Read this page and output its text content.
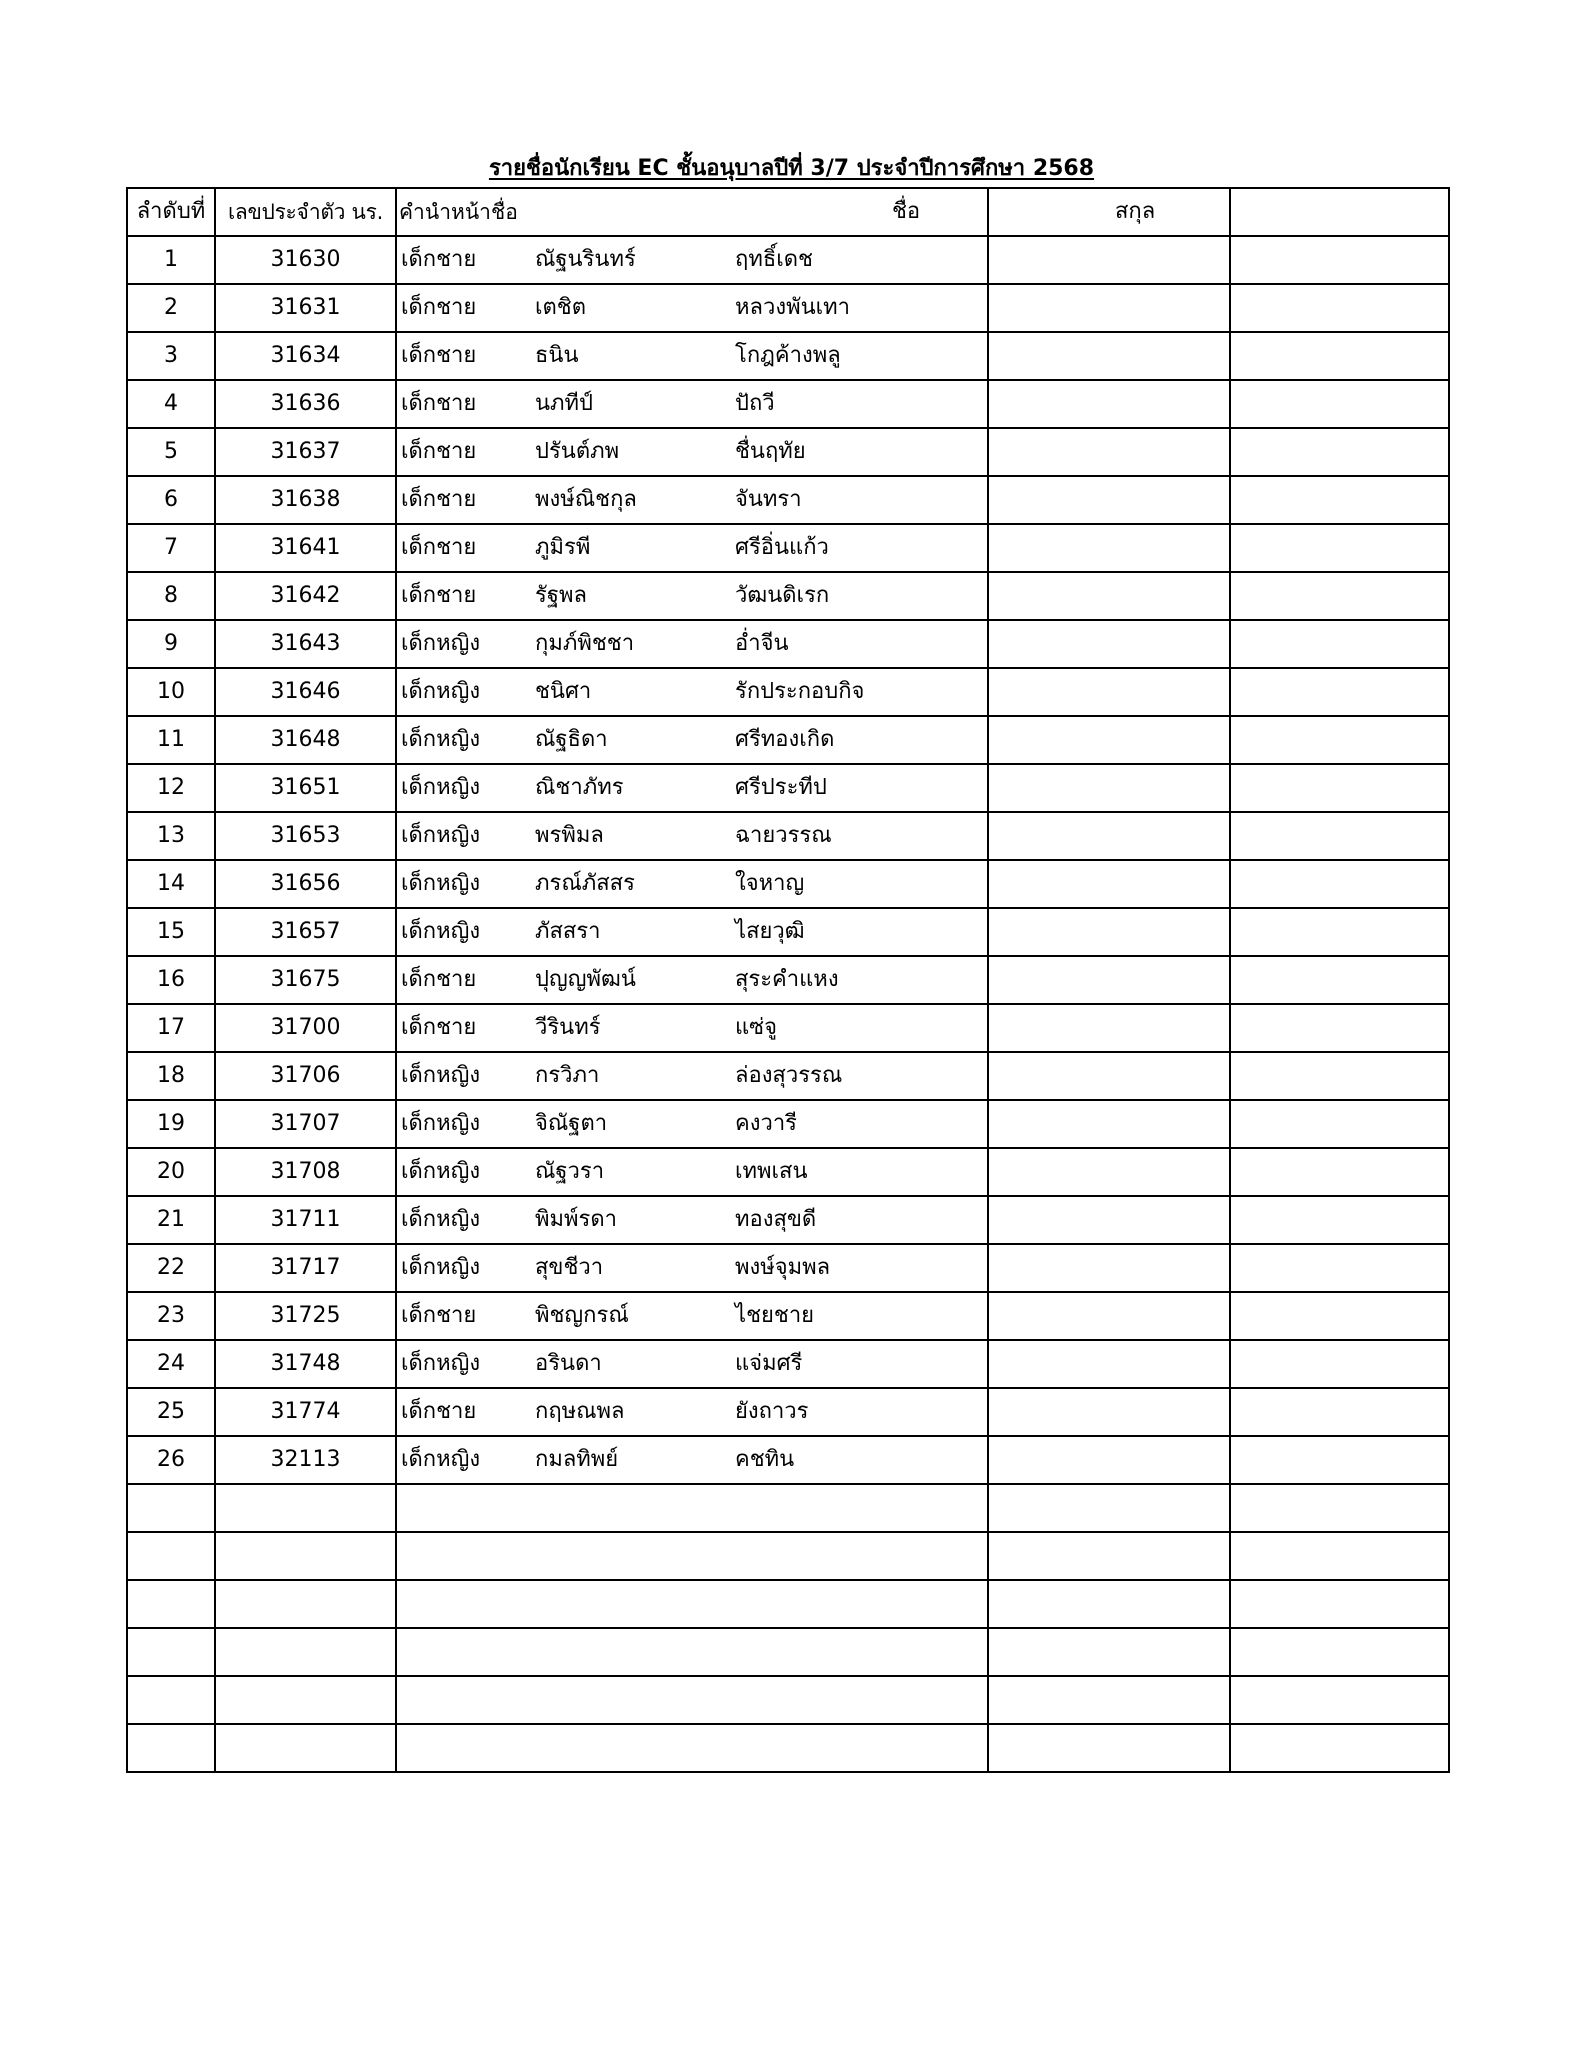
รายชื่อนักเรียน EC ชั้นอนุบาลปีที่ 3/7 ประจำปีการศึกษา 2568
ลำดับที่	เลขประจำตัว นร.	คำนำหน้าชื่อ ชื่อ สกุล		

1	31630	เด็กชาย ณัฐนรินทร์ ฤทธิ์เดช		

2	31631	เด็กชาย เตชิต หลวงพันเทา		

3	31634	เด็กชาย ธนิน โกฎค้างพลู		

4	31636	เด็กชาย นภทีป์ ปัถวี		

5	31637	เด็กชาย ปรันต์ภพ ชื่นฤทัย		

6	31638	เด็กชาย พงษ์ณิชกุล จันทรา		

7	31641	เด็กชาย ภูมิรพี ศรีอิ่นแก้ว		

8	31642	เด็กชาย รัฐพล วัฒนดิเรก		

9	31643	เด็กหญิง กุมภ์พิชชา อ่ำจีน		

10	31646	เด็กหญิง ชนิศา รักประกอบกิจ		

11	31648	เด็กหญิง ณัฐธิดา ศรีทองเกิด		

12	31651	เด็กหญิง ณิชาภัทร ศรีประทีป		

13	31653	เด็กหญิง พรพิมล ฉายวรรณ		

14	31656	เด็กหญิง ภรณ์ภัสสร ใจหาญ		

15	31657	เด็กหญิง ภัสสรา ไสยวุฒิ		

16	31675	เด็กชาย ปุญญพัฒน์ สุระคำแหง		

17	31700	เด็กชาย วีรินทร์ แซ่จู		

18	31706	เด็กหญิง กรวิภา ล่องสุวรรณ		

19	31707	เด็กหญิง จิณัฐตา คงวารี		

20	31708	เด็กหญิง ณัฐวรา เทพเสน		

21	31711	เด็กหญิง พิมพ์รดา ทองสุขดี		

22	31717	เด็กหญิง สุขชีวา พงษ์จุมพล		

23	31725	เด็กชาย พิชญกรณ์ ไชยชาย		

24	31748	เด็กหญิง อรินดา แจ่มศรี		

25	31774	เด็กชาย กฤษณพล ยังถาวร		

26	32113	เด็กหญิง กมลทิพย์ คชทิน		
